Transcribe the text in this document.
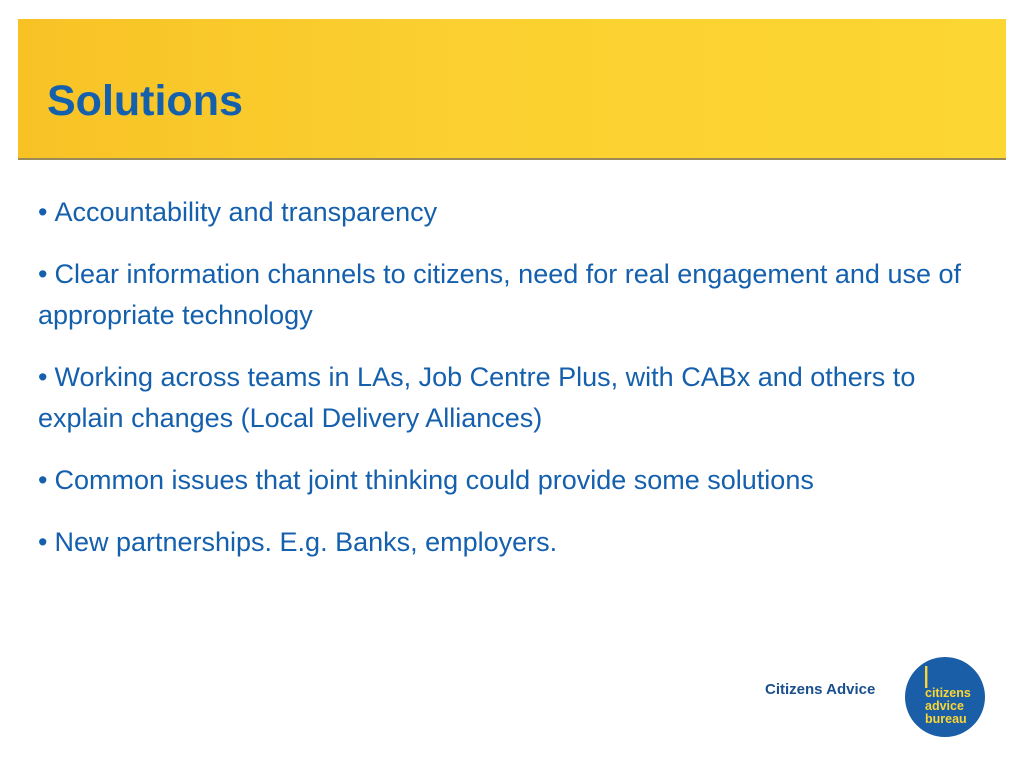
Solutions
• Accountability and transparency
• Clear information channels to citizens, need for real engagement and use of appropriate technology
• Working across teams in LAs, Job Centre Plus, with CABx and others to explain changes (Local Delivery Alliances)
• Common issues that joint thinking could provide some solutions
• New partnerships. E.g. Banks, employers.
Citizens Advice	citizens
advice
bureau
